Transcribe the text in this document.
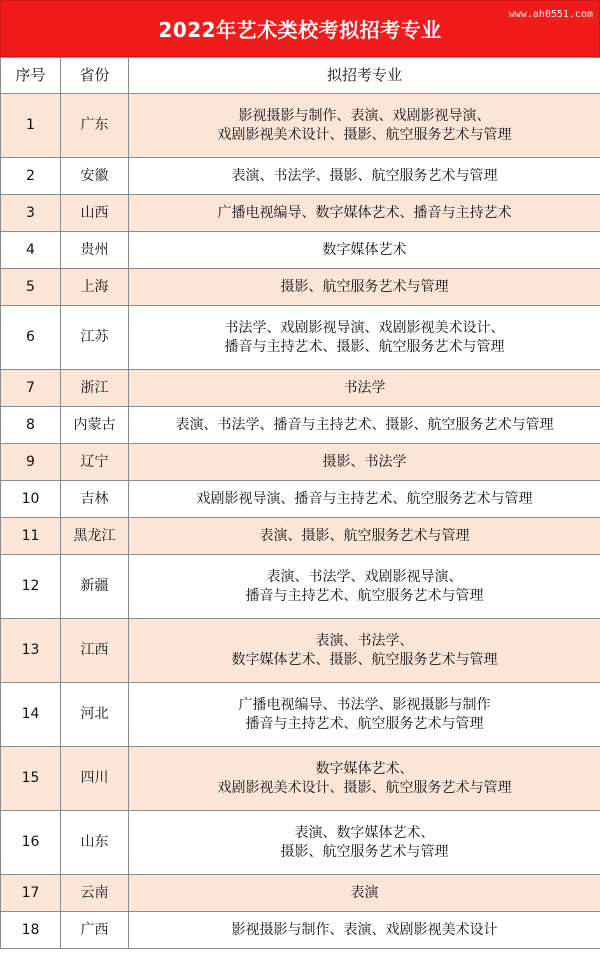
2022年艺术类校考拟招考专业
www.ah0551.com
序号	省份	拟招考专业
1	广东	影视摄影与制作、表演、戏剧影视导演、
戏剧影视美术设计、摄影、航空服务艺术与管理

2	安徽	表演、书法学、摄影、航空服务艺术与管理

3	山西	广播电视编导、数字媒体艺术、播音与主持艺术

4	贵州	数字媒体艺术

5	上海	摄影、航空服务艺术与管理

6	江苏	书法学、戏剧影视导演、戏剧影视美术设计、
播音与主持艺术、摄影、航空服务艺术与管理

7	浙江	书法学

8	内蒙古	表演、书法学、播音与主持艺术、摄影、航空服务艺术与管理

9	辽宁	摄影、书法学

10	吉林	戏剧影视导演、播音与主持艺术、航空服务艺术与管理

11	黑龙江	表演、摄影、航空服务艺术与管理

12	新疆	表演、书法学、戏剧影视导演、
播音与主持艺术、航空服务艺术与管理

13	江西	表演、书法学、
数字媒体艺术、摄影、航空服务艺术与管理

14	河北	广播电视编导、书法学、影视摄影与制作
播音与主持艺术、航空服务艺术与管理

15	四川	数字媒体艺术、
戏剧影视美术设计、摄影、航空服务艺术与管理

16	山东	表演、数字媒体艺术、
摄影、航空服务艺术与管理

17	云南	表演

18	广西	影视摄影与制作、表演、戏剧影视美术设计
